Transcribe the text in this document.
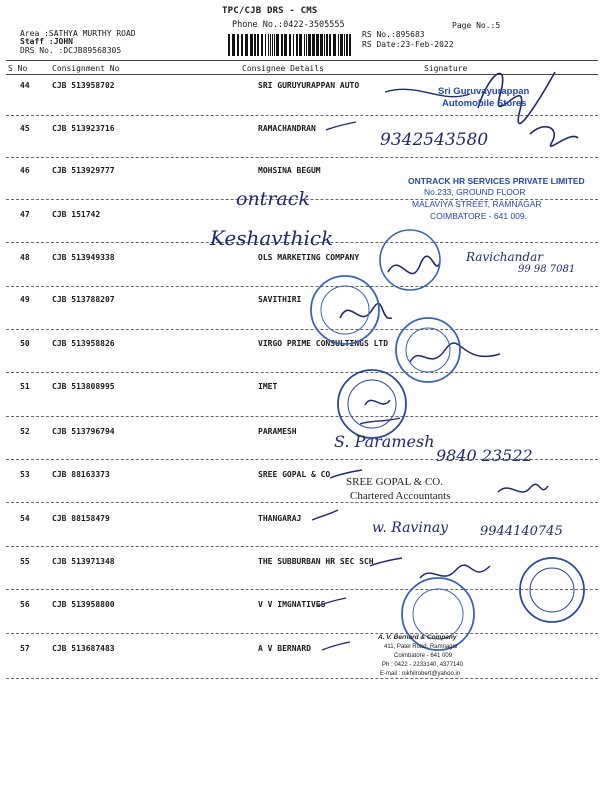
TPC/CJB DRS - CMS
Phone No.:0422-3505555	Page No.:5
Area :SATHYA MURTHY ROAD
Staff :JOHN
DRS No. :DCJB89568305
RS No.:895683
RS Date:23-Feb-2022
S No	Consignment No	Consignee Details	Signature
44	CJB 513958702	SRI GURUYURAPPAN AUTO
45	CJB 513923716	RAMACHANDRAN
46	CJB 513929777	MOHSINA BEGUM
47	CJB 151742
48	CJB 513949338	OLS MARKETING COMPANY
49	CJB 513788207	SAVITHIRI
50	CJB 513958826	VIRGO PRIME CONSULTINGS LTD
51	CJB 513808995	IMET
52	CJB 513796794	PARAMESH
53	CJB 88163373	SREE GOPAL & CO
54	CJB 88158479	THANGARAJ
55	CJB 513971348	THE SUBBURBAN HR SEC SCH
56	CJB 513958800	V V IMGNATIVES
57	CJB 513687483	A V BERNARD
Sri Guruvayurappan
Automobile Stores
ONTRACK HR SERVICES PRIVATE LIMITED
No.233, GROUND FLOOR
MALAVIYA STREET, RAMNAGAR
COIMBATORE - 641 009.
SREE GOPAL & CO.
Chartered Accountants
A. V. Bernard & Company
411, Patel Road, Ramnagar
Coimbatore - 641 009
Ph : 0422 - 2233140, 4377140
E-mail : nikhilrobert@yahoo.in
9342543580
ontrack
Keshavthick
Ravichandar
99 98 7081
S. Paramesh
9840 23522
w. Ravinay 9944140745
